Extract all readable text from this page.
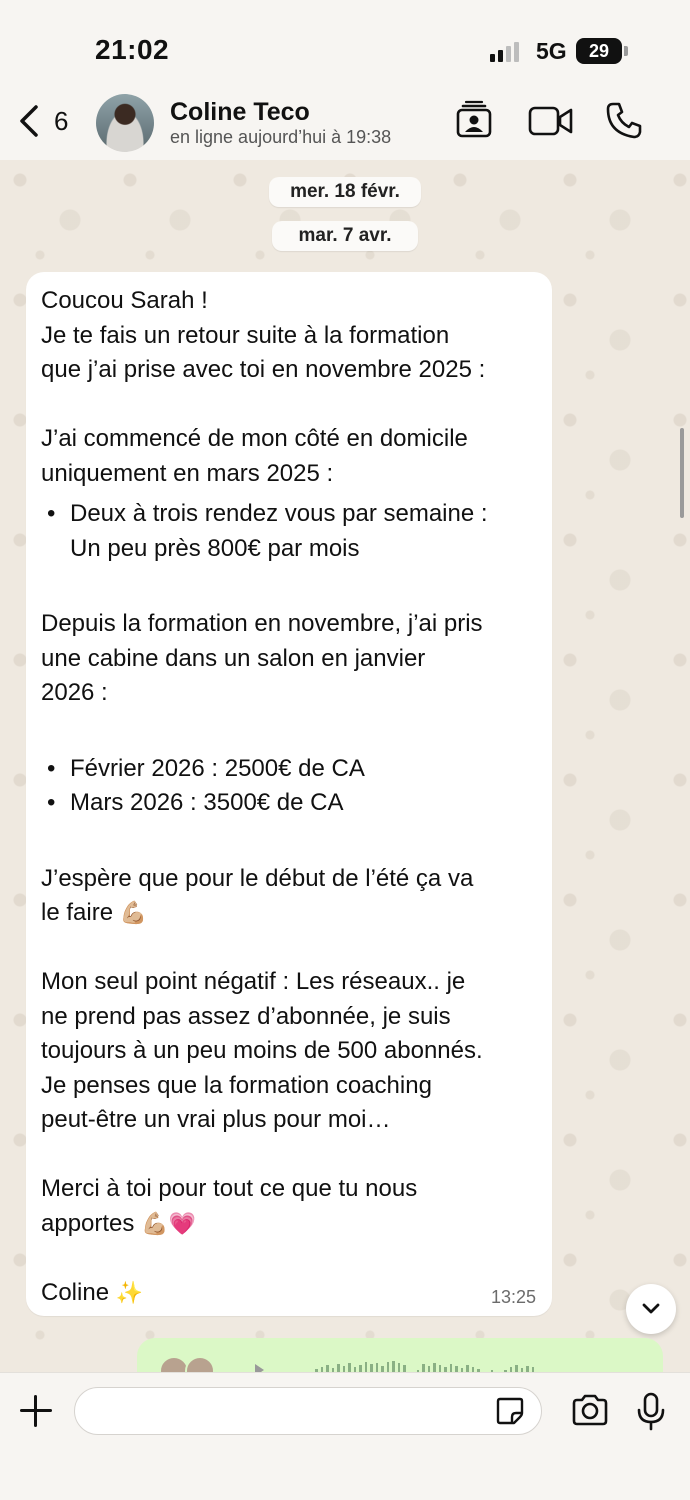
21:02	5G 29
6	Coline Teco
en ligne aujourd’hui à 19:38
mer. 18 févr.
mar. 7 avr.

Coucou Sarah !

Je te fais un retour suite à la formation

que j’ai prise avec toi en novembre 2025 :

J’ai commencé de mon côté en domicile

uniquement en mars 2025 :

• Deux à trois rendez vous par semaine :
Un peu près 800€ par mois

Depuis la formation en novembre, j’ai pris

une cabine dans un salon en janvier

2026 :

• Février 2026 : 2500€ de CA
• Mars 2026 : 3500€ de CA

J’espère que pour le début de l’été ça va

le faire 💪🏼

Mon seul point négatif : Les réseaux.. je

ne prend pas assez d’abonnée, je suis

toujours à un peu moins de 500 abonnés.

Je penses que la formation coaching

peut-être un vrai plus pour moi…

Merci à toi pour tout ce que tu nous

apportes 💪🏼💗

Coline ✨	13:25
